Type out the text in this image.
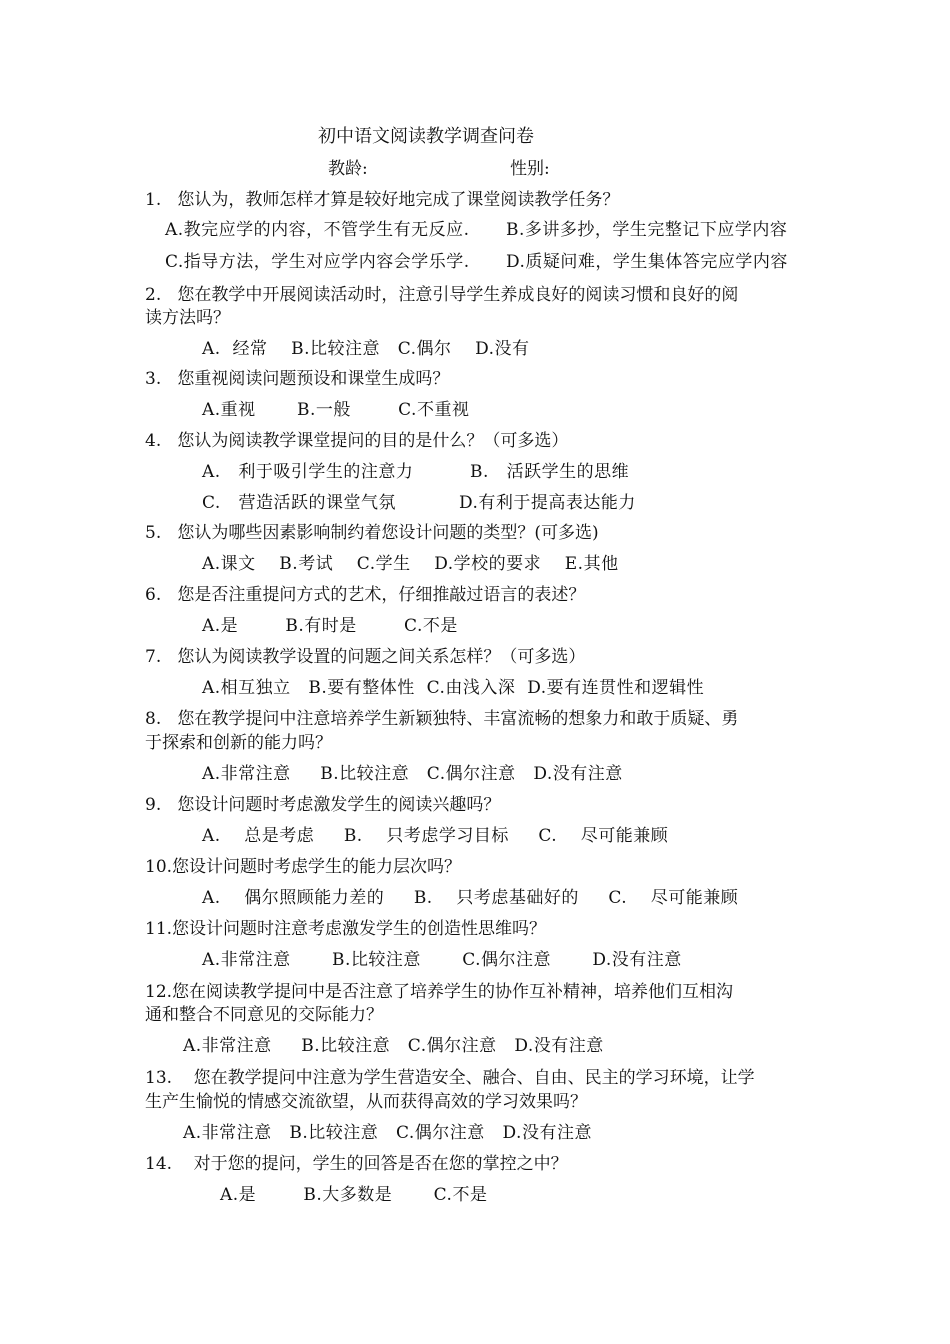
初中语文阅读教学调查问卷
教龄:	性别:
1.   您认为，教师怎样才算是较好地完成了课堂阅读教学任务？
A.教完应学的内容，不管学生有无反应. B.多讲多抄，学生完整记下应学内容
C.指导方法，学生对应学内容会学乐学. D.质疑问难，学生集体答完应学内容
2.   您在教学中开展阅读活动时，注意引导学生养成良好的阅读习惯和良好的阅
读方法吗？
A.  经常    B.比较注意   C.偶尔    D.没有
3.   您重视阅读问题预设和课堂生成吗？
A.重视       B.一般        C.不重视
4.   您认为阅读教学课堂提问的目的是什么？（可多选）
A.   利于吸引学生的注意力	B.   活跃学生的思维
C.   营造活跃的课堂气氛	D.有利于提高表达能力
5.   您认为哪些因素影响制约着您设计问题的类型？(可多选)
A.课文    B.考试    C.学生    D.学校的要求    E.其他
6.   您是否注重提问方式的艺术，仔细推敲过语言的表述？
A.是        B.有时是        C.不是
7.   您认为阅读教学设置的问题之间关系怎样？（可多选）
A.相互独立   B.要有整体性  C.由浅入深  D.要有连贯性和逻辑性
8.   您在教学提问中注意培养学生新颖独特、丰富流畅的想象力和敢于质疑、勇
于探索和创新的能力吗？
A.非常注意     B.比较注意   C.偶尔注意   D.没有注意
9.   您设计问题时考虑激发学生的阅读兴趣吗？
A.    总是考虑     B.    只考虑学习目标     C.    尽可能兼顾
10.您设计问题时考虑学生的能力层次吗？
A.    偶尔照顾能力差的     B.    只考虑基础好的     C.    尽可能兼顾
11.您设计问题时注意考虑激发学生的创造性思维吗？
A.非常注意       B.比较注意       C.偶尔注意       D.没有注意
12.您在阅读教学提问中是否注意了培养学生的协作互补精神，培养他们互相沟
通和整合不同意见的交际能力？
A.非常注意     B.比较注意   C.偶尔注意   D.没有注意
13.    您在教学提问中注意为学生营造安全、融合、自由、民主的学习环境，让学
生产生愉悦的情感交流欲望，从而获得高效的学习效果吗？
A.非常注意   B.比较注意   C.偶尔注意   D.没有注意
14.    对于您的提问，学生的回答是否在您的掌控之中？
A.是        B.大多数是       C.不是
